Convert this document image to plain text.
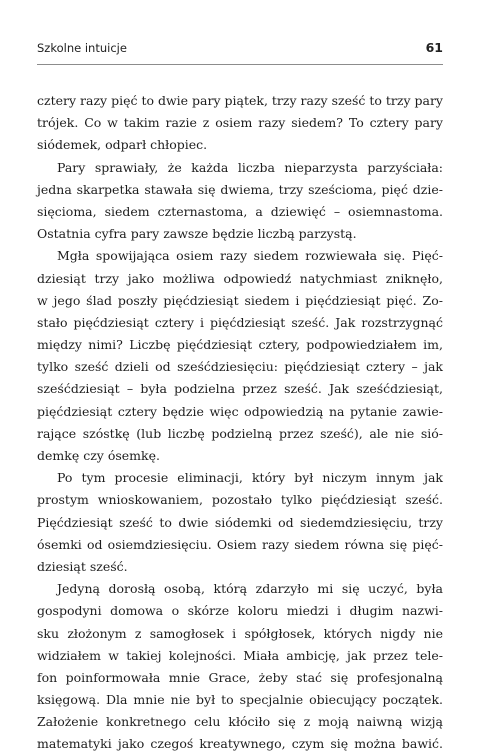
Szkolne intuicje	61
cztery razy pięć to dwie pary piątek, trzy razy sześć to trzy pary
trójek. Co w takim razie z osiem razy siedem? To cztery pary
siódemek, odparł chłopiec.
Pary sprawiały, że każda liczba nieparzysta parzyściała:
jedna skarpetka stawała się dwiema, trzy sześcioma, pięć dzie-
sięcioma, siedem czternastoma, a dziewięć – osiemnastoma.
Ostatnia cyfra pary zawsze będzie liczbą parzystą.
Mgła spowijająca osiem razy siedem rozwiewała się. Pięć-
dziesiąt trzy jako możliwa odpowiedź natychmiast zniknęło,
w jego ślad poszły pięćdziesiąt siedem i pięćdziesiąt pięć. Zo-
stało pięćdziesiąt cztery i pięćdziesiąt sześć. Jak rozstrzygnąć
między nimi? Liczbę pięćdziesiąt cztery, podpowiedziałem im,
tylko sześć dzieli od sześćdziesięciu: pięćdziesiąt cztery – jak
sześćdziesiąt – była podzielna przez sześć. Jak sześćdziesiąt,
pięćdziesiąt cztery będzie więc odpowiedzią na pytanie zawie-
rające szóstkę (lub liczbę podzielną przez sześć), ale nie sió-
demkę czy ósemkę.
Po tym procesie eliminacji, który był niczym innym jak
prostym wnioskowaniem, pozostało tylko pięćdziesiąt sześć.
Pięćdziesiąt sześć to dwie siódemki od siedemdziesięciu, trzy
ósemki od osiemdziesięciu. Osiem razy siedem równa się pięć-
dziesiąt sześć.
Jedyną dorosłą osobą, którą zdarzyło mi się uczyć, była
gospodyni domowa o skórze koloru miedzi i długim nazwi-
sku złożonym z samogłosek i spółgłosek, których nigdy nie
widziałem w takiej kolejności. Miała ambicję, jak przez tele-
fon poinformowała mnie Grace, żeby stać się profesjonalną
księgową. Dla mnie nie był to specjalnie obiecujący początek.
Założenie konkretnego celu kłóciło się z moją naiwną wizją
matematyki jako czegoś kreatywnego, czym się można bawić.
